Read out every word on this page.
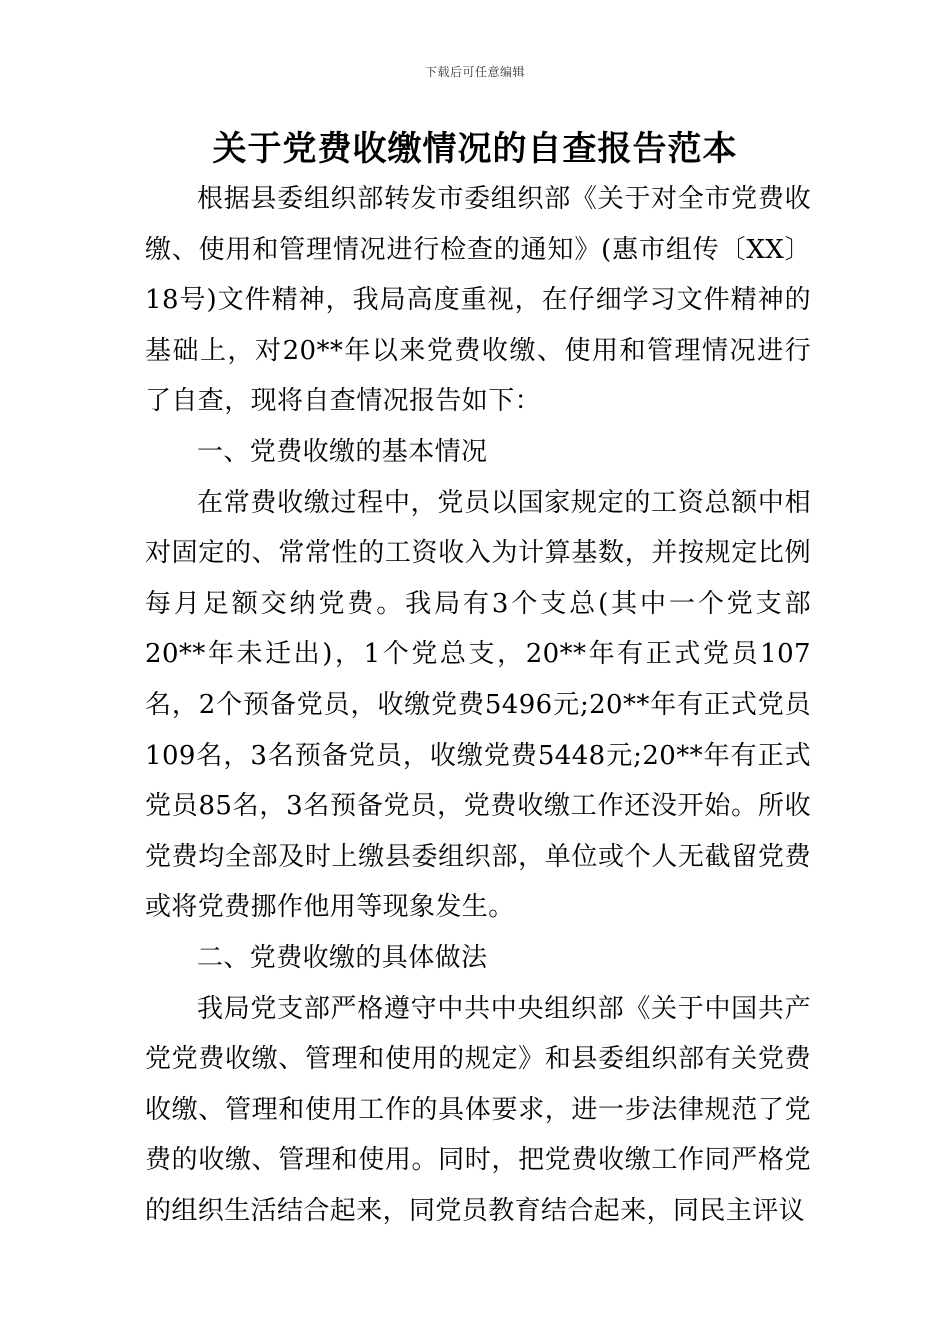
下载后可任意编辑
关于党费收缴情况的自查报告范本

根据县委组织部转发市委组织部《关于对全市党费收缴、使用和管理情况进行检查的通知》(惠市组传〔XX〕18号)文件精神，我局高度重视，在仔细学习文件精神的基础上，对20**年以来党费收缴、使用和管理情况进行了自查，现将自查情况报告如下：

一、党费收缴的基本情况

在常费收缴过程中，党员以国家规定的工资总额中相对固定的、常常性的工资收入为计算基数，并按规定比例每月足额交纳党费。我局有3个支总(其中一个党支部20**年未迁出)，1个党总支，20**年有正式党员107名，2个预备党员，收缴党费5496元;20**年有正式党员109名，3名预备党员，收缴党费5448元;20**年有正式党员85名，3名预备党员，党费收缴工作还没开始。所收党费均全部及时上缴县委组织部，单位或个人无截留党费或将党费挪作他用等现象发生。

二、党费收缴的具体做法

我局党支部严格遵守中共中央组织部《关于中国共产党党费收缴、管理和使用的规定》和县委组织部有关党费收缴、管理和使用工作的具体要求，进一步法律规范了党费的收缴、管理和使用。同时，把党费收缴工作同严格党的组织生活结合起来，同党员教育结合起来，同民主评议
